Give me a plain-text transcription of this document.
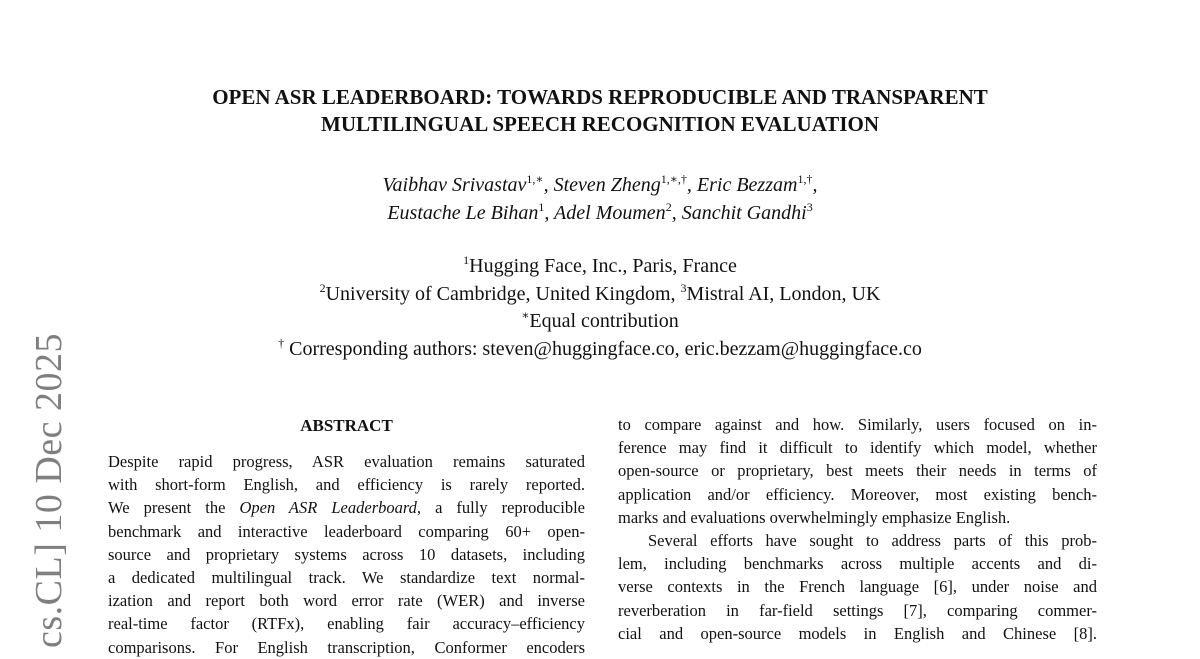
cs.CL] 10 Dec 2025
OPEN ASR LEADERBOARD: TOWARDS REPRODUCIBLE AND TRANSPARENT
MULTILINGUAL SPEECH RECOGNITION EVALUATION
Vaibhav Srivastav$^{1,∗}$, Steven Zheng$^{1,∗,\dagger}$, Eric Bezzam$^{1,\dagger}$,
Eustache Le Bihan$^1$, Adel Moumen$^2$, Sanchit Gandhi$^3$
$^1$Hugging Face, Inc., Paris, France
$^2$University of Cambridge, United Kingdom, $^3$Mistral AI, London, UK
∗Equal contribution
† Corresponding authors: steven@huggingface.co, eric.bezzam@huggingface.co
ABSTRACT
Despite rapid progress, ASR evaluation remains saturated
with short-form English, and efficiency is rarely reported.
We present the Open ASR Leaderboard, a fully reproducible
benchmark and interactive leaderboard comparing 60+ open-
source and proprietary systems across 10 datasets, including
a dedicated multilingual track. We standardize text normal-
ization and report both word error rate (WER) and inverse
real-time factor (RTFx), enabling fair accuracy–efficiency
comparisons. For English transcription, Conformer encoders
to compare against and how. Similarly, users focused on in-
ference may find it difficult to identify which model, whether
open-source or proprietary, best meets their needs in terms of
application and/or efficiency. Moreover, most existing bench-
marks and evaluations overwhelmingly emphasize English.
Several efforts have sought to address parts of this prob-
lem, including benchmarks across multiple accents and di-
verse contexts in the French language [6], under noise and
reverberation in far-field settings [7], comparing commer-
cial and open-source models in English and Chinese [8].
